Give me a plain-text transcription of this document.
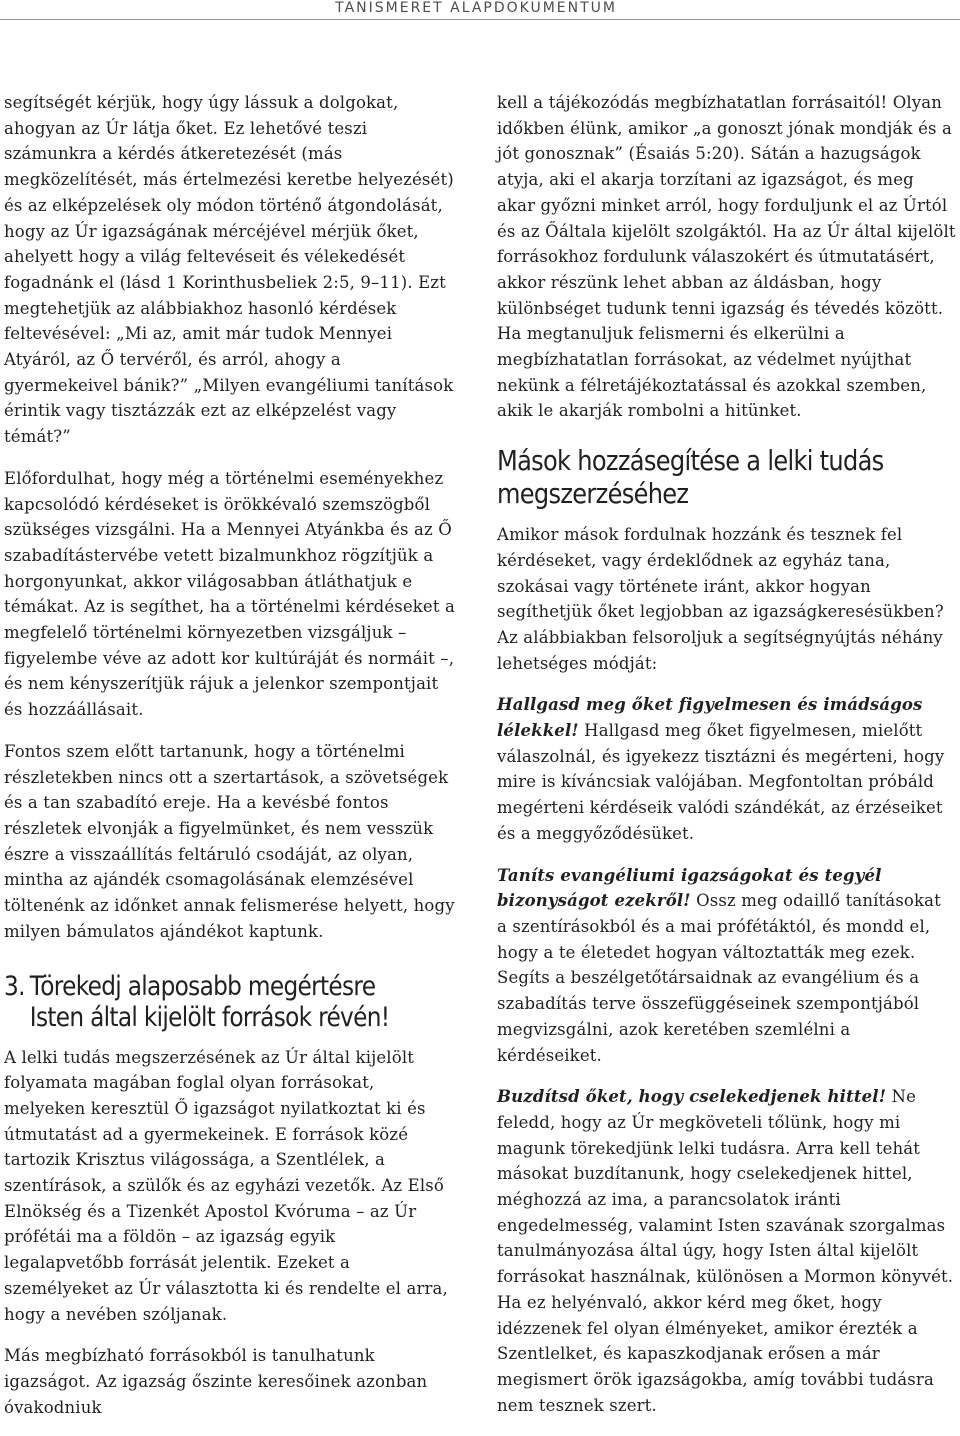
TANISMERET ALAPDOKUMENTUM

segítségét kérjük, hogy úgy lássuk a dolgokat, ahogyan az Úr látja őket. Ez lehetővé teszi számunkra a kérdés átkeretezését (más megközelítését, más értelmezési keretbe helyezését) és az elképzelések oly módon történő átgondolását, hogy az Úr igazságának mércéjével mérjük őket, ahelyett hogy a világ feltevéseit és vélekedését fogadnánk el (lásd 1 Korinthusbeliek 2:5, 9–11). Ezt megtehetjük az alábbiakhoz hasonló kérdések feltevésével: „Mi az, amit már tudok Mennyei Atyáról, az Ő tervéről, és arról, ahogy a gyermekeivel bánik?” „Milyen evangéliumi tanítások érintik vagy tisztázzák ezt az elképzelést vagy témát?”

Előfordulhat, hogy még a történelmi eseményekhez kapcsolódó kérdéseket is örökkévaló szemszögből szükséges vizsgálni. Ha a Mennyei Atyánkba és az Ő szabadítástervébe vetett bizalmunkhoz rögzítjük a horgonyunkat, akkor világosabban átláthatjuk e témákat. Az is segíthet, ha a történelmi kérdéseket a megfelelő történelmi környezetben vizsgáljuk – figyelembe véve az adott kor kultúráját és normáit –, és nem kényszerítjük rájuk a jelenkor szempontjait és hozzáállásait.

Fontos szem előtt tartanunk, hogy a történelmi részletekben nincs ott a szertartások, a szövetségek és a tan szabadító ereje. Ha a kevésbé fontos részletek elvonják a figyelmünket, és nem vesszük észre a visszaállítás feltáruló csodáját, az olyan, mintha az ajándék csomagolásának elemzésével töltenénk az időnket annak felismerése helyett, hogy milyen bámulatos ajándékot kaptunk.

3. Törekedj alaposabb megértésre
Isten által kijelölt források révén!

A lelki tudás megszerzésének az Úr által kijelölt folyamata magában foglal olyan forrásokat, melyeken keresztül Ő igazságot nyilatkoztat ki és útmutatást ad a gyermekeinek. E források közé tartozik Krisztus világossága, a Szentlélek, a szentírások, a szülők és az egyházi vezetők. Az Első Elnökség és a Tizenkét Apostol Kvóruma – az Úr prófétái ma a földön – az igazság egyik legalapvetőbb forrását jelentik. Ezeket a személyeket az Úr választotta ki és rendelte el arra, hogy a nevében szóljanak.

Más megbízható forrásokból is tanulhatunk igazságot. Az igazság őszinte keresőinek azonban óvakodniuk

kell a tájékozódás megbízhatatlan forrásaitól! Olyan időkben élünk, amikor „a gonoszt jónak mondják és a jót gonosznak” (Ésaiás 5:20). Sátán a hazugságok atyja, aki el akarja torzítani az igazságot, és meg akar győzni minket arról, hogy forduljunk el az Úrtól és az Őáltala kijelölt szolgáktól. Ha az Úr által kijelölt forrásokhoz fordulunk válaszokért és útmutatásért, akkor részünk lehet abban az áldásban, hogy különbséget tudunk tenni igazság és tévedés között. Ha megtanuljuk felismerni és elkerülni a megbízhatatlan forrásokat, az védelmet nyújthat nekünk a félretájékoztatással és azokkal szemben, akik le akarják rombolni a hitünket.

Mások hozzásegítése a lelki tudás megszerzéséhez

Amikor mások fordulnak hozzánk és tesznek fel kérdéseket, vagy érdeklődnek az egyház tana, szokásai vagy története iránt, akkor hogyan segíthetjük őket legjobban az igazságkeresésükben? Az alábbiakban felsoroljuk a segítségnyújtás néhány lehetséges módját:

Hallgasd meg őket figyelmesen és imádságos lélekkel! Hallgasd meg őket figyelmesen, mielőtt válaszolnál, és igyekezz tisztázni és megérteni, hogy mire is kíváncsiak valójában. Megfontoltan próbáld megérteni kérdéseik valódi szándékát, az érzéseiket és a meggyőződésüket.

Taníts evangéliumi igazságokat és tegyél bizonyságot ezekről! Ossz meg odaillő tanításokat a szentírásokból és a mai prófétáktól, és mondd el, hogy a te életedet hogyan változtatták meg ezek. Segíts a beszélgetőtársaidnak az evangélium és a szabadítás terve összefüggéseinek szempontjából megvizsgálni, azok keretében szemlélni a kérdéseiket.

Buzdítsd őket, hogy cselekedjenek hittel! Ne feledd, hogy az Úr megköveteli tőlünk, hogy mi magunk törekedjünk lelki tudásra. Arra kell tehát másokat buzdítanunk, hogy cselekedjenek hittel, méghozzá az ima, a parancsolatok iránti engedelmesség, valamint Isten szavának szorgalmas tanulmányozása által úgy, hogy Isten által kijelölt forrásokat használnak, különösen a Mormon könyvét. Ha ez helyénvaló, akkor kérd meg őket, hogy idézzenek fel olyan élményeket, amikor érezték a Szentlelket, és kapaszkodjanak erősen a már megismert örök igazságokba, amíg további tudásra nem tesznek szert.
